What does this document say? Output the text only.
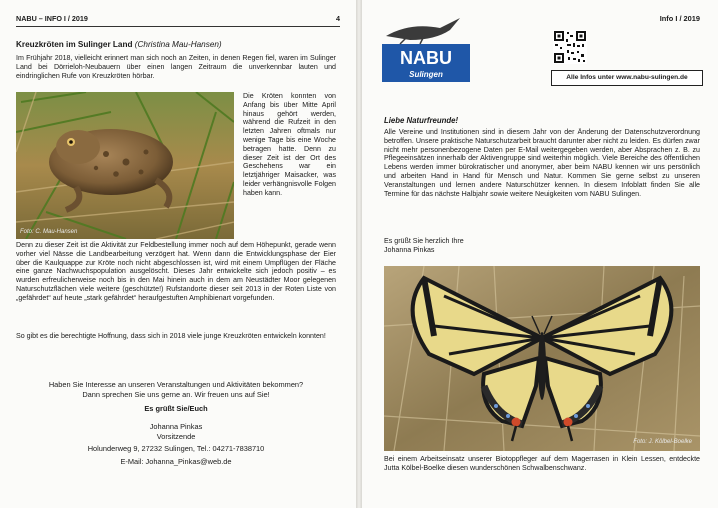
NABU – INFO I / 2019	4
Kreuzkröten im Sulinger Land (Christina Mau-Hansen)

Im Frühjahr 2018, vielleicht erinnert man sich noch an Zeiten, in denen Regen fiel, waren im Sulinger Land bei Dörrieloh-Neubauern über einen langen Zeitraum die unverkennbar lauten und eindringlichen Rufe von Kreuzkröten hörbar.

Foto: C. Mau-Hansen

Die Kröten konnten von Anfang bis über Mitte April hinaus gehört werden, während die Rufzeit in den letzten Jahren oftmals nur wenige Tage bis eine Woche betragen hatte. Denn zu dieser Zeit ist der Ort des Geschehens war ein letztjähriger Maisacker, was leider verhängnisvolle Folgen haben kann.

Denn zu dieser Zeit ist die Aktivität zur Feldbestellung immer noch auf dem Höhepunkt, gerade wenn vorher viel Nässe die Landbearbeitung verzögert hat. Wenn dann die Entwicklungsphase der Eier über die Kaulquappe zur Kröte noch nicht abgeschlossen ist, wird mit einem Umpflügen der Fläche eine ganze Nachwuchspopulation ausgelöscht. Dieses Jahr entwickelte sich jedoch positiv – es wurden erfreulicherweise noch bis in den Mai hinein auch in dem am Neustädter Moor gelegenen Naturschutzflächen viele weitere (geschützte!) Rufstandorte dieser seit 2013 in der Roten Liste von „gefährdet“ auf heute „stark gefährdet“ heraufgestuften Amphibienart vorgefunden.

So gibt es die berechtigte Hoffnung, dass sich in 2018 viele junge Kreuzkröten entwickeln konnten!

Haben Sie Interesse an unseren Veranstaltungen und Aktivitäten bekommen?
Dann sprechen Sie uns gerne an. Wir freuen uns auf Sie!
Es grüßt Sie/Euch
Johanna Pinkas
Vorsitzende
Holunderweg 9, 27232 Sulingen, Tel.: 04271-7838710
E-Mail: Johanna_Pinkas@web.de
NABU
Sulingen
Info I / 2019
Alle Infos unter www.nabu-sulingen.de
Liebe Naturfreunde!

Alle Vereine und Institutionen sind in diesem Jahr von der Änderung der Datenschutzverordnung betroffen. Unsere praktische Naturschutzarbeit braucht darunter aber nicht zu leiden. Es dürfen zwar nicht mehr personenbezogene Daten per E-Mail weitergegeben werden, aber Absprachen z. B. zu Pflegeeinsätzen innerhalb der Aktivengruppe sind weiterhin möglich. Viele Bereiche des öffentlichen Lebens werden immer bürokratischer und anonymer, aber beim NABU kennen wir uns persönlich und arbeiten Hand in Hand für Mensch und Natur. Kommen Sie gerne selbst zu unseren Veranstaltungen und lernen andere Naturschützer kennen. In diesem Infoblatt finden Sie alle Termine für das nächste Halbjahr sowie weitere Neuigkeiten vom NABU Sulingen.

Es grüßt Sie herzlich Ihre
Johanna Pinkas
Foto: J. Kölbel-Boelke

Bei einem Arbeitseinsatz unserer Biotoppfleger auf dem Magerrasen in Klein Lessen, entdeckte Jutta Kölbel-Boelke diesen wunderschönen Schwalbenschwanz.
